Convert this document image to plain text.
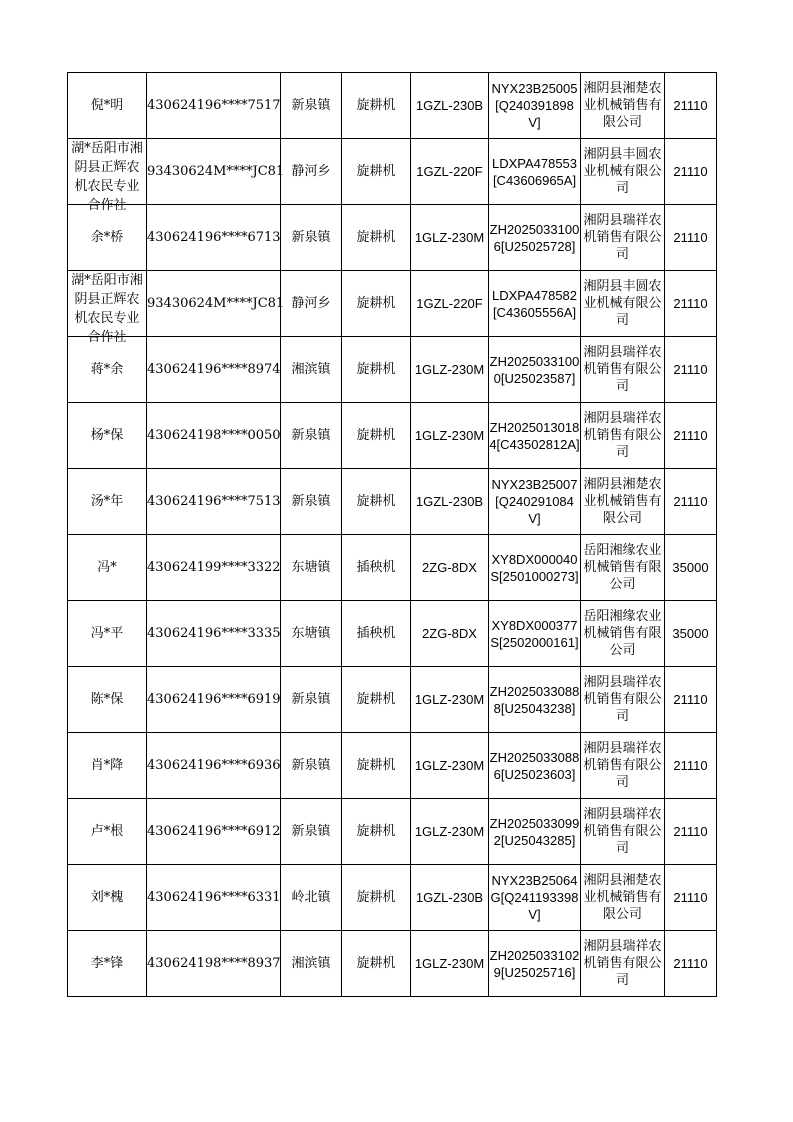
倪*明	430624196****7517	新泉镇	旋耕机	1GZL-230B	NYX23B25005[Q240391898V]	湘阴县湘楚农业机械销售有限公司	21110

湖*岳阳市湘阴县正辉农机农民专业合作社	93430624M****JC81	静河乡	旋耕机	1GZL-220F	LDXPA478553[C43606965A]	湘阴县丰圆农业机械有限公司	21110

余*桥	430624196****6713	新泉镇	旋耕机	1GLZ-230M	ZH20250331006[U25025728]	湘阴县瑞祥农机销售有限公司	21110

湖*岳阳市湘阴县正辉农机农民专业合作社	93430624M****JC81	静河乡	旋耕机	1GZL-220F	LDXPA478582[C43605556A]	湘阴县丰圆农业机械有限公司	21110

蒋*余	430624196****8974	湘滨镇	旋耕机	1GLZ-230M	ZH20250331000[U25023587]	湘阴县瑞祥农机销售有限公司	21110

杨*保	430624198****0050	新泉镇	旋耕机	1GLZ-230M	ZH20250130184[C43502812A]	湘阴县瑞祥农机销售有限公司	21110

汤*年	430624196****7513	新泉镇	旋耕机	1GZL-230B	NYX23B25007[Q240291084V]	湘阴县湘楚农业机械销售有限公司	21110

冯*	430624199****3322	东塘镇	插秧机	2ZG-8DX	XY8DX000040S[2501000273]	岳阳湘缘农业机械销售有限公司	35000

冯*平	430624196****3335	东塘镇	插秧机	2ZG-8DX	XY8DX000377S[2502000161]	岳阳湘缘农业机械销售有限公司	35000

陈*保	430624196****6919	新泉镇	旋耕机	1GLZ-230M	ZH20250330888[U25043238]	湘阴县瑞祥农机销售有限公司	21110

肖*降	430624196****6936	新泉镇	旋耕机	1GLZ-230M	ZH20250330886[U25023603]	湘阴县瑞祥农机销售有限公司	21110

卢*根	430624196****6912	新泉镇	旋耕机	1GLZ-230M	ZH20250330992[U25043285]	湘阴县瑞祥农机销售有限公司	21110

刘*槐	430624196****6331	岭北镇	旋耕机	1GZL-230B	NYX23B25064G[Q241193398V]	湘阴县湘楚农业机械销售有限公司	21110

李*锋	430624198****8937	湘滨镇	旋耕机	1GLZ-230M	ZH20250331029[U25025716]	湘阴县瑞祥农机销售有限公司	21110
